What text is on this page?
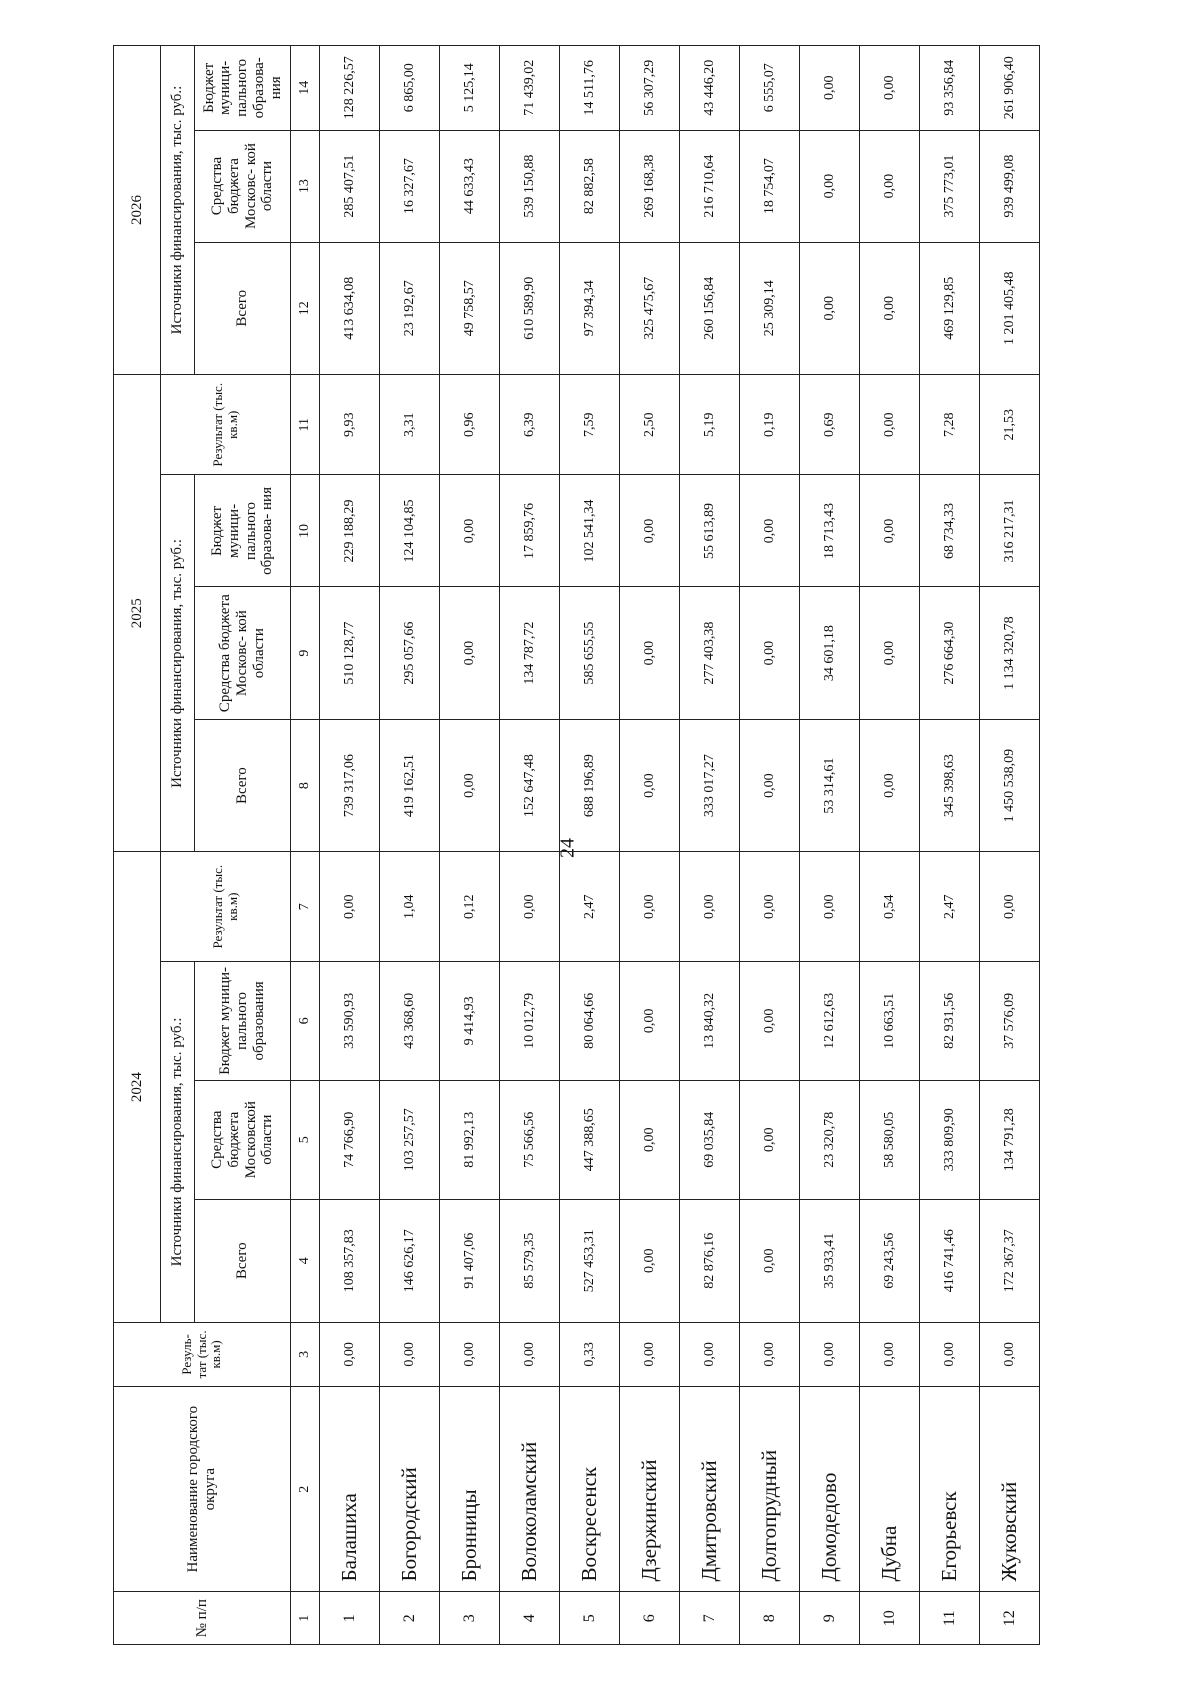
24
№ п/п	Наименование городского округа	Резуль- тат (тыс. кв.м)	2024				2025				2026		
			Источники финансирования, тыс. руб.:			Результат (тыс. кв.м)	Источники финансирования, тыс. руб.:			Результат (тыс. кв.м)	Источники финансирования, тыс. руб.:		
			Всего	Средства бюджета Московской области	Бюджет муници- пального образования		Всего	Средства бюджета Московс- кой области	Бюджет муници- пального образова- ния		Всего	Средства бюджета Московс- кой области	Бюджет муници- пального образова- ния
1	2	3	4	5	6	7	8	9	10	11	12	13	14
1	Балашиха	0,00	108 357,83	74 766,90	33 590,93	0,00	739 317,06	510 128,77	229 188,29	9,93	413 634,08	285 407,51	128 226,57
2	Богородский	0,00	146 626,17	103 257,57	43 368,60	1,04	419 162,51	295 057,66	124 104,85	3,31	23 192,67	16 327,67	6 865,00
3	Бронницы	0,00	91 407,06	81 992,13	9 414,93	0,12	0,00	0,00	0,00	0,96	49 758,57	44 633,43	5 125,14
4	Волоколамский	0,00	85 579,35	75 566,56	10 012,79	0,00	152 647,48	134 787,72	17 859,76	6,39	610 589,90	539 150,88	71 439,02
5	Воскресенск	0,33	527 453,31	447 388,65	80 064,66	2,47	688 196,89	585 655,55	102 541,34	7,59	97 394,34	82 882,58	14 511,76
6	Дзержинский	0,00	0,00	0,00	0,00	0,00	0,00	0,00	0,00	2,50	325 475,67	269 168,38	56 307,29
7	Дмитровский	0,00	82 876,16	69 035,84	13 840,32	0,00	333 017,27	277 403,38	55 613,89	5,19	260 156,84	216 710,64	43 446,20
8	Долгопрудный	0,00	0,00	0,00	0,00	0,00	0,00	0,00	0,00	0,19	25 309,14	18 754,07	6 555,07
9	Домодедово	0,00	35 933,41	23 320,78	12 612,63	0,00	53 314,61	34 601,18	18 713,43	0,69	0,00	0,00	0,00
10	Дубна	0,00	69 243,56	58 580,05	10 663,51	0,54	0,00	0,00	0,00	0,00	0,00	0,00	0,00
11	Егорьевск	0,00	416 741,46	333 809,90	82 931,56	2,47	345 398,63	276 664,30	68 734,33	7,28	469 129,85	375 773,01	93 356,84
12	Жуковский	0,00	172 367,37	134 791,28	37 576,09	0,00	1 450 538,09	1 134 320,78	316 217,31	21,53	1 201 405,48	939 499,08	261 906,40
